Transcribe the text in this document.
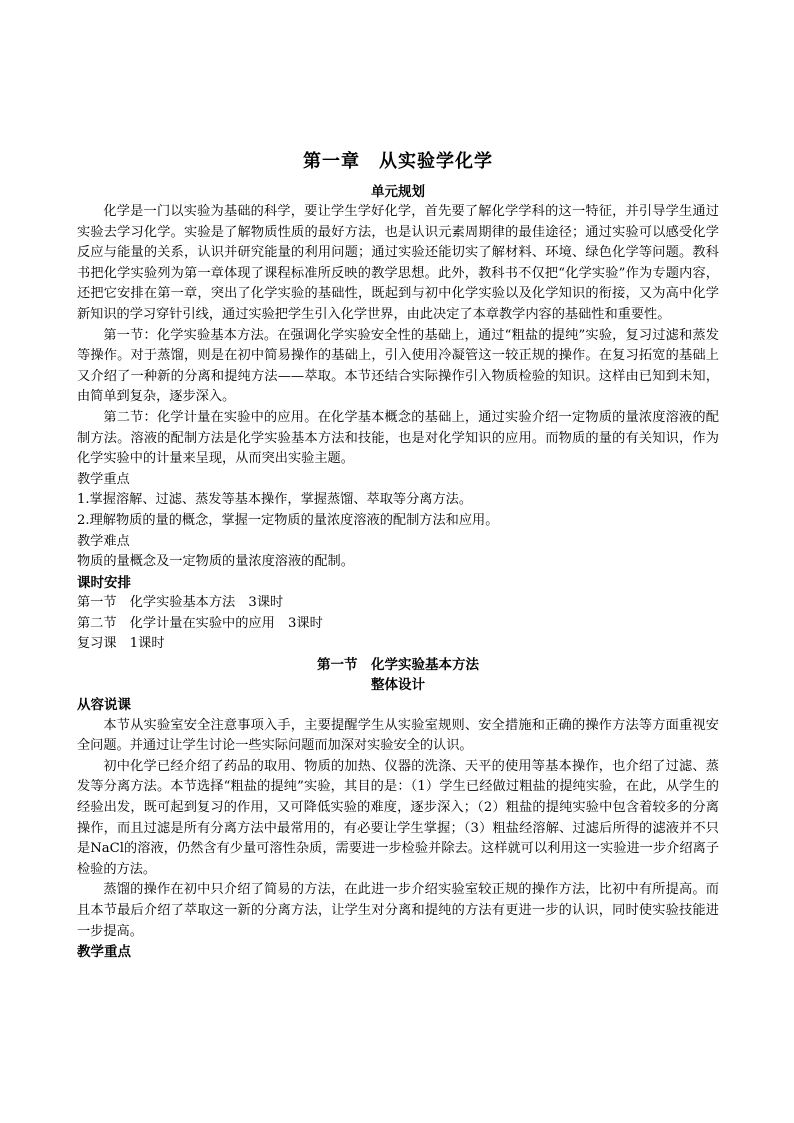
第一章　从实验学化学
单元规划

化学是一门以实验为基础的科学，要让学生学好化学，首先要了解化学学科的这一特征，并引导学生通过实验去学习化学。实验是了解物质性质的最好方法，也是认识元素周期律的最佳途径；通过实验可以感受化学反应与能量的关系，认识并研究能量的利用问题；通过实验还能切实了解材料、环境、绿色化学等问题。教科书把化学实验列为第一章体现了课程标准所反映的教学思想。此外，教科书不仅把“化学实验”作为专题内容，还把它安排在第一章，突出了化学实验的基础性，既起到与初中化学实验以及化学知识的衔接，又为高中化学新知识的学习穿针引线，通过实验把学生引入化学世界，由此决定了本章教学内容的基础性和重要性。

第一节：化学实验基本方法。在强调化学实验安全性的基础上，通过“粗盐的提纯”实验，复习过滤和蒸发等操作。对于蒸馏，则是在初中简易操作的基础上，引入使用冷凝管这一较正规的操作。在复习拓宽的基础上又介绍了一种新的分离和提纯方法——萃取。本节还结合实际操作引入物质检验的知识。这样由已知到未知，由简单到复杂，逐步深入。

第二节：化学计量在实验中的应用。在化学基本概念的基础上，通过实验介绍一定物质的量浓度溶液的配制方法。溶液的配制方法是化学实验基本方法和技能，也是对化学知识的应用。而物质的量的有关知识，作为化学实验中的计量来呈现，从而突出实验主题。

教学重点

1.掌握溶解、过滤、蒸发等基本操作，掌握蒸馏、萃取等分离方法。

2.理解物质的量的概念，掌握一定物质的量浓度溶液的配制方法和应用。

教学难点

物质的量概念及一定物质的量浓度溶液的配制。

课时安排
第一节　化学实验基本方法　3课时
第二节　化学计量在实验中的应用　3课时
复习课　1课时
第一节　化学实验基本方法
整体设计
从容说课

本节从实验室安全注意事项入手，主要提醒学生从实验室规则、安全措施和正确的操作方法等方面重视安全问题。并通过让学生讨论一些实际问题而加深对实验安全的认识。

初中化学已经介绍了药品的取用、物质的加热、仪器的洗涤、天平的使用等基本操作，也介绍了过滤、蒸发等分离方法。本节选择“粗盐的提纯”实验，其目的是：（1）学生已经做过粗盐的提纯实验，在此，从学生的经验出发，既可起到复习的作用，又可降低实验的难度，逐步深入；（2）粗盐的提纯实验中包含着较多的分离操作，而且过滤是所有分离方法中最常用的，有必要让学生掌握；（3）粗盐经溶解、过滤后所得的滤液并不只是NaCl的溶液，仍然含有少量可溶性杂质，需要进一步检验并除去。这样就可以利用这一实验进一步介绍离子检验的方法。

蒸馏的操作在初中只介绍了简易的方法，在此进一步介绍实验室较正规的操作方法，比初中有所提高。而且本节最后介绍了萃取这一新的分离方法，让学生对分离和提纯的方法有更进一步的认识，同时使实验技能进一步提高。

教学重点
